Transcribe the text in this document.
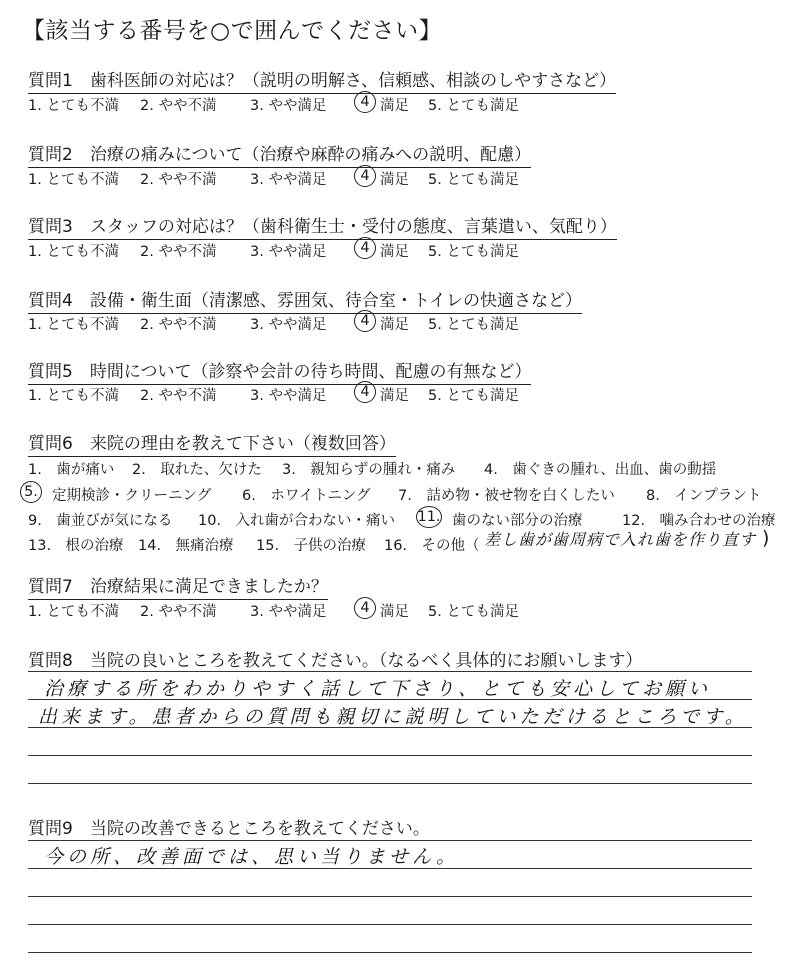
【該当する番号を○で囲んでください】
質問1　歯科医師の対応は？（説明の明解さ、信頼感、相談のしやすさなど）
1. とても不満 2. やや不満 3. やや満足 4 満足 5. とても満足
質問2　治療の痛みについて（治療や麻酔の痛みへの説明、配慮）
1. とても不満 2. やや不満 3. やや満足 4 満足 5. とても満足
質問3　スタッフの対応は？（歯科衛生士・受付の態度、言葉遣い、気配り）
1. とても不満 2. やや不満 3. やや満足 4 満足 5. とても満足
質問4　設備・衛生面（清潔感、雰囲気、待合室・トイレの快適さなど）
1. とても不満 2. やや不満 3. やや満足 4 満足 5. とても満足
質問5　時間について（診察や会計の待ち時間、配慮の有無など）
1. とても不満 2. やや不満 3. やや満足 4 満足 5. とても満足
質問6　来院の理由を教えて下さい（複数回答）
1.　歯が痛い 2.　取れた、欠けた 3.　親知らずの腫れ・痛み 4.　歯ぐきの腫れ、出血、歯の動揺
5. 定期検診・クリーニング 6.　ホワイトニング 7.　詰め物・被せ物を白くしたい 8.　インプラント
9.　歯並びが気になる 10.　入れ歯が合わない・痛い 11. 歯のない部分の治療	12.　噛み合わせの治療
13.　根の治療 14.　無痛治療 15.　子供の治療 16.　その他（ 差し歯が歯周病で入れ歯を作り直す )
質問7　治療結果に満足できましたか？
1. とても不満 2. やや不満 3. やや満足 4 満足 5. とても満足
質問8　当院の良いところを教えてください。（なるべく具体的にお願いします）
治療する所をわかりやすく話して下さり、とても安心してお願い
出来ます。患者からの質問も親切に説明していただけるところです。
質問9　当院の改善できるところを教えてください。
今の所、改善面では、思い当りません。
